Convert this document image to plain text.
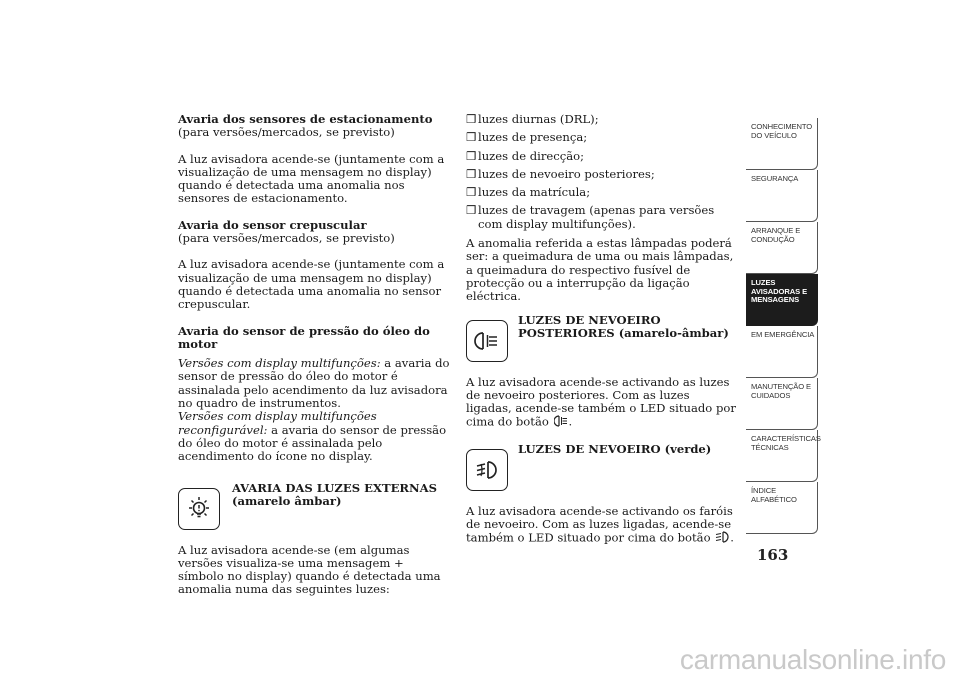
Avaria dos sensores de estacionamento
(para versões/mercados, se previsto)
A luz avisadora acende-se (juntamente com a visualização de uma mensagem no display) quando é detectada uma anomalia nos sensores de estacionamento.
Avaria do sensor crepuscular
(para versões/mercados, se previsto)
A luz avisadora acende-se (juntamente com a visualização de uma mensagem no display) quando é detectada uma anomalia no sensor crepuscular.
Avaria do sensor de pressão do óleo do motor
Versões com display multifunções: a avaria do sensor de pressão do óleo do motor é assinalada pelo acendimento da luz avisadora no quadro de instrumentos.
Versões com display multifunções reconfigurável: a avaria do sensor de pressão do óleo do motor é assinalada pelo acendimento do ícone no display.
AVARIA DAS LUZES EXTERNAS (amarelo âmbar)
A luz avisadora acende-se (em algumas versões visualiza-se uma mensagem + símbolo no display) quando é detectada uma anomalia numa das seguintes luzes:
❒ luzes diurnas (DRL);
❒ luzes de presença;
❒ luzes de direcção;
❒ luzes de nevoeiro posteriores;
❒ luzes da matrícula;
❒ luzes de travagem (apenas para versões com display multifunções).
A anomalia referida a estas lâmpadas poderá ser: a queimadura de uma ou mais lâmpadas, a queimadura do respectivo fusível de protecção ou a interrupção da ligação eléctrica.
LUZES DE NEVOEIRO POSTERIORES (amarelo-âmbar)
A luz avisadora acende-se activando as luzes de nevoeiro posteriores. Com as luzes ligadas, acende-se também o LED situado por cima do botão .
LUZES DE NEVOEIRO (verde)
A luz avisadora acende-se activando os faróis de nevoeiro. Com as luzes ligadas, acende-se também o LED situado por cima do botão .
CONHECIMENTO DO VEÍCULO
SEGURANÇA
ARRANQUE E CONDUÇÃO
LUZES AVISADORAS E MENSAGENS
EM EMERGÊNCIA
MANUTENÇÃO E CUIDADOS
CARACTERÍSTICAS TÉCNICAS
ÍNDICE ALFABÉTICO
163
carmanualsonline.info
